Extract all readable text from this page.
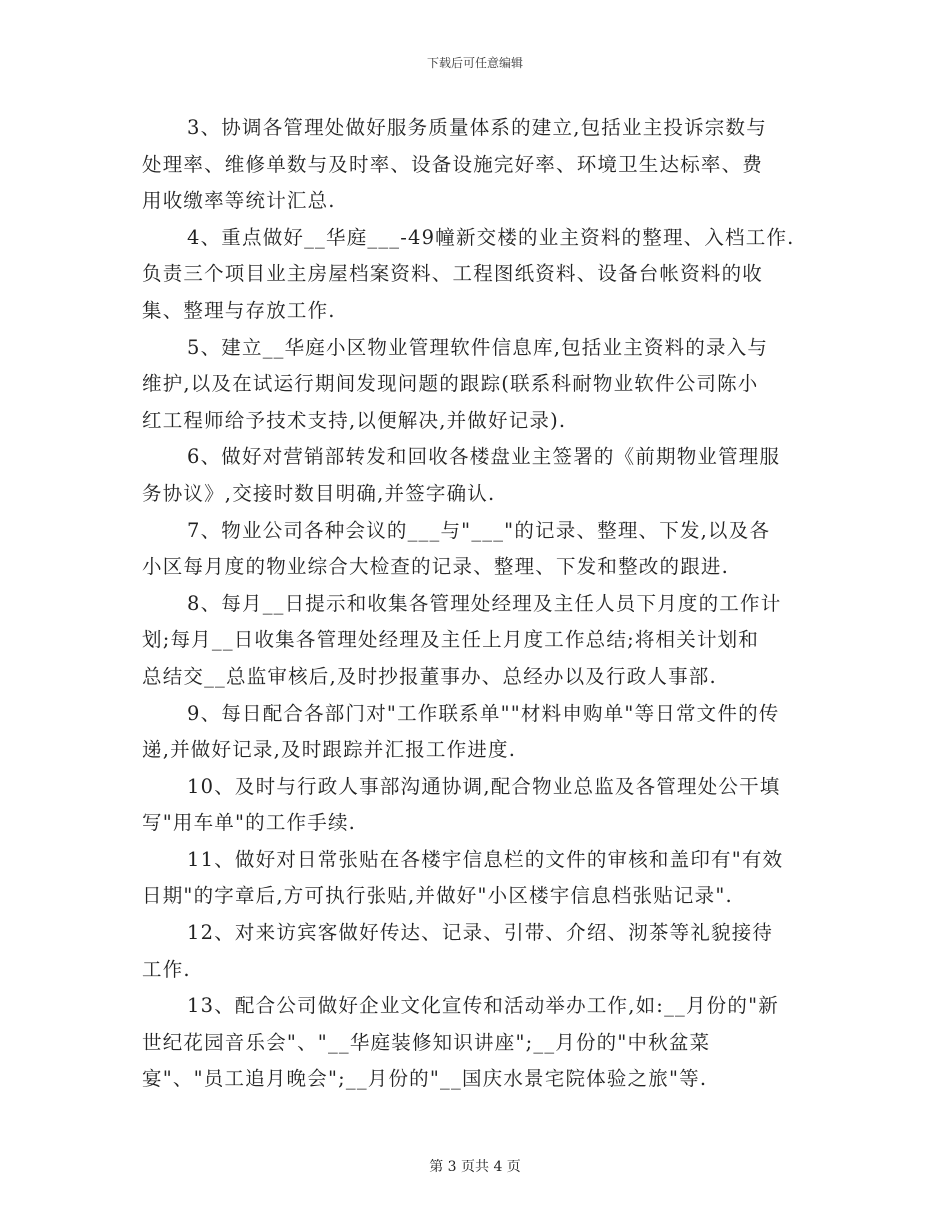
下载后可任意编辑
3、协调各管理处做好服务质量体系的建立,包括业主投诉宗数与
处理率、维修单数与及时率、设备设施完好率、环境卫生达标率、费
用收缴率等统计汇总.
4、重点做好__华庭___-49幢新交楼的业主资料的整理、入档工作.
负责三个项目业主房屋档案资料、工程图纸资料、设备台帐资料的收
集、整理与存放工作.
5、建立__华庭小区物业管理软件信息库,包括业主资料的录入与
维护,以及在试运行期间发现问题的跟踪(联系科耐物业软件公司陈小
红工程师给予技术支持,以便解决,并做好记录).
6、做好对营销部转发和回收各楼盘业主签署的《前期物业管理服
务协议》,交接时数目明确,并签字确认.
7、物业公司各种会议的___与"___"的记录、整理、下发,以及各
小区每月度的物业综合大检查的记录、整理、下发和整改的跟进.
8、每月__日提示和收集各管理处经理及主任人员下月度的工作计
划;每月__日收集各管理处经理及主任上月度工作总结;将相关计划和
总结交__总监审核后,及时抄报董事办、总经办以及行政人事部.
9、每日配合各部门对"工作联系单""材料申购单"等日常文件的传
递,并做好记录,及时跟踪并汇报工作进度.
10、及时与行政人事部沟通协调,配合物业总监及各管理处公干填
写"用车单"的工作手续.
11、做好对日常张贴在各楼宇信息栏的文件的审核和盖印有"有效
日期"的字章后,方可执行张贴,并做好"小区楼宇信息档张贴记录".
12、对来访宾客做好传达、记录、引带、介绍、沏茶等礼貌接待
工作.
13、配合公司做好企业文化宣传和活动举办工作,如:__月份的"新
世纪花园音乐会"、"__华庭装修知识讲座";__月份的"中秋盆菜
宴"、"员工追月晚会";__月份的"__国庆水景宅院体验之旅"等.
第 3 页共 4 页
